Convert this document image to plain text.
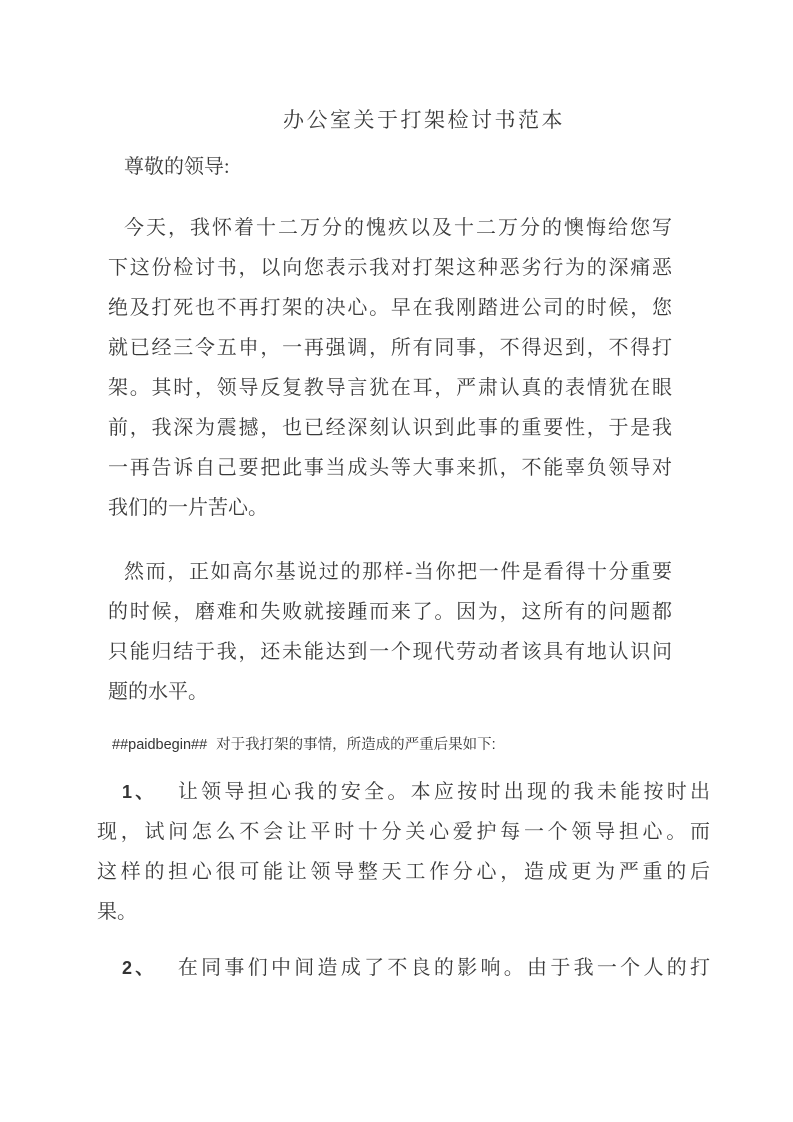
办公室关于打架检讨书范本

尊敬的领导:

今天，我怀着十二万分的愧疚以及十二万分的懊悔给您写
下这份检讨书，以向您表示我对打架这种恶劣行为的深痛恶
绝及打死也不再打架的决心。早在我刚踏进公司的时候，您
就已经三令五申，一再强调，所有同事，不得迟到，不得打
架。其时，领导反复教导言犹在耳，严肃认真的表情犹在眼
前，我深为震撼，也已经深刻认识到此事的重要性，于是我
一再告诉自己要把此事当成头等大事来抓，不能辜负领导对
我们的一片苦心。
然而，正如高尔基说过的那样-当你把一件是看得十分重要
的时候，磨难和失败就接踵而来了。因为，这所有的问题都
只能归结于我，还未能达到一个现代劳动者该具有地认识问
题的水平。
##paidbegin## 对于我打架的事情，所造成的严重后果如下:
1、 让领导担心我的安全。本应按时出现的我未能按时出
现，试问怎么不会让平时十分关心爱护每一个领导担心。而
这样的担心很可能让领导整天工作分心，造成更为严重的后
果。
2、 在同事们中间造成了不良的影响。由于我一个人的打
